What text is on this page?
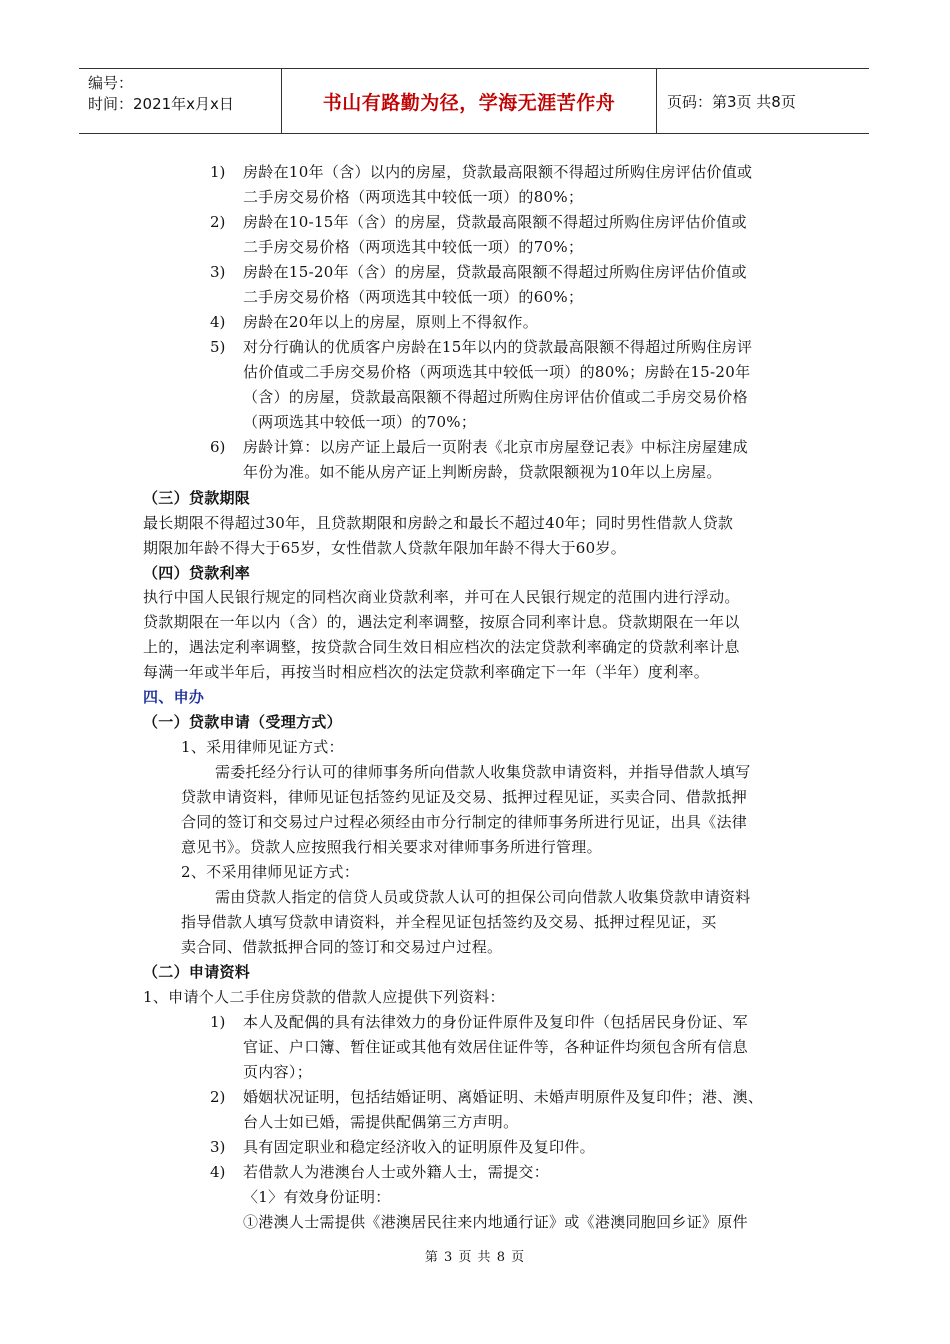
编号：
时间：2021年x月x日	书山有路勤为径，学海无涯苦作舟	页码：第3页 共8页
1) 房龄在10年（含）以内的房屋，贷款最高限额不得超过所购住房评估价值或
二手房交易价格（两项选其中较低一项）的80%；
2) 房龄在10-15年（含）的房屋，贷款最高限额不得超过所购住房评估价值或
二手房交易价格（两项选其中较低一项）的70%；
3) 房龄在15-20年（含）的房屋，贷款最高限额不得超过所购住房评估价值或
二手房交易价格（两项选其中较低一项）的60%；
4) 房龄在20年以上的房屋，原则上不得叙作。
5) 对分行确认的优质客户房龄在15年以内的贷款最高限额不得超过所购住房评
估价值或二手房交易价格（两项选其中较低一项）的80%；房龄在15-20年
（含）的房屋，贷款最高限额不得超过所购住房评估价值或二手房交易价格
（两项选其中较低一项）的70%；
6) 房龄计算：以房产证上最后一页附表《北京市房屋登记表》中标注房屋建成
年份为准。如不能从房产证上判断房龄，贷款限额视为10年以上房屋。
（三）贷款期限
最长期限不得超过30年，且贷款期限和房龄之和最长不超过40年；同时男性借款人贷款
期限加年龄不得大于65岁，女性借款人贷款年限加年龄不得大于60岁。
（四）贷款利率
执行中国人民银行规定的同档次商业贷款利率，并可在人民银行规定的范围内进行浮动。
贷款期限在一年以内（含）的，遇法定利率调整，按原合同利率计息。贷款期限在一年以
上的，遇法定利率调整，按贷款合同生效日相应档次的法定贷款利率确定的贷款利率计息
每满一年或半年后，再按当时相应档次的法定贷款利率确定下一年（半年）度利率。
四、申办
（一）贷款申请（受理方式）
1、采用律师见证方式：
需委托经分行认可的律师事务所向借款人收集贷款申请资料，并指导借款人填写
贷款申请资料，律师见证包括签约见证及交易、抵押过程见证，买卖合同、借款抵押
合同的签订和交易过户过程必须经由市分行制定的律师事务所进行见证，出具《法律
意见书》。贷款人应按照我行相关要求对律师事务所进行管理。
2、不采用律师见证方式：
需由贷款人指定的信贷人员或贷款人认可的担保公司向借款人收集贷款申请资料
指导借款人填写贷款申请资料，并全程见证包括签约及交易、抵押过程见证，买
卖合同、借款抵押合同的签订和交易过户过程。
（二）申请资料
1、申请个人二手住房贷款的借款人应提供下列资料：
1) 本人及配偶的具有法律效力的身份证件原件及复印件（包括居民身份证、军
官证、户口簿、暂住证或其他有效居住证件等，各种证件均须包含所有信息
页内容）；
2) 婚姻状况证明，包括结婚证明、离婚证明、未婚声明原件及复印件；港、澳、
台人士如已婚，需提供配偶第三方声明。
3) 具有固定职业和稳定经济收入的证明原件及复印件。
4) 若借款人为港澳台人士或外籍人士，需提交：
〈1〉有效身份证明：
①港澳人士需提供《港澳居民往来内地通行证》或《港澳同胞回乡证》原件
第 3 页 共 8 页
